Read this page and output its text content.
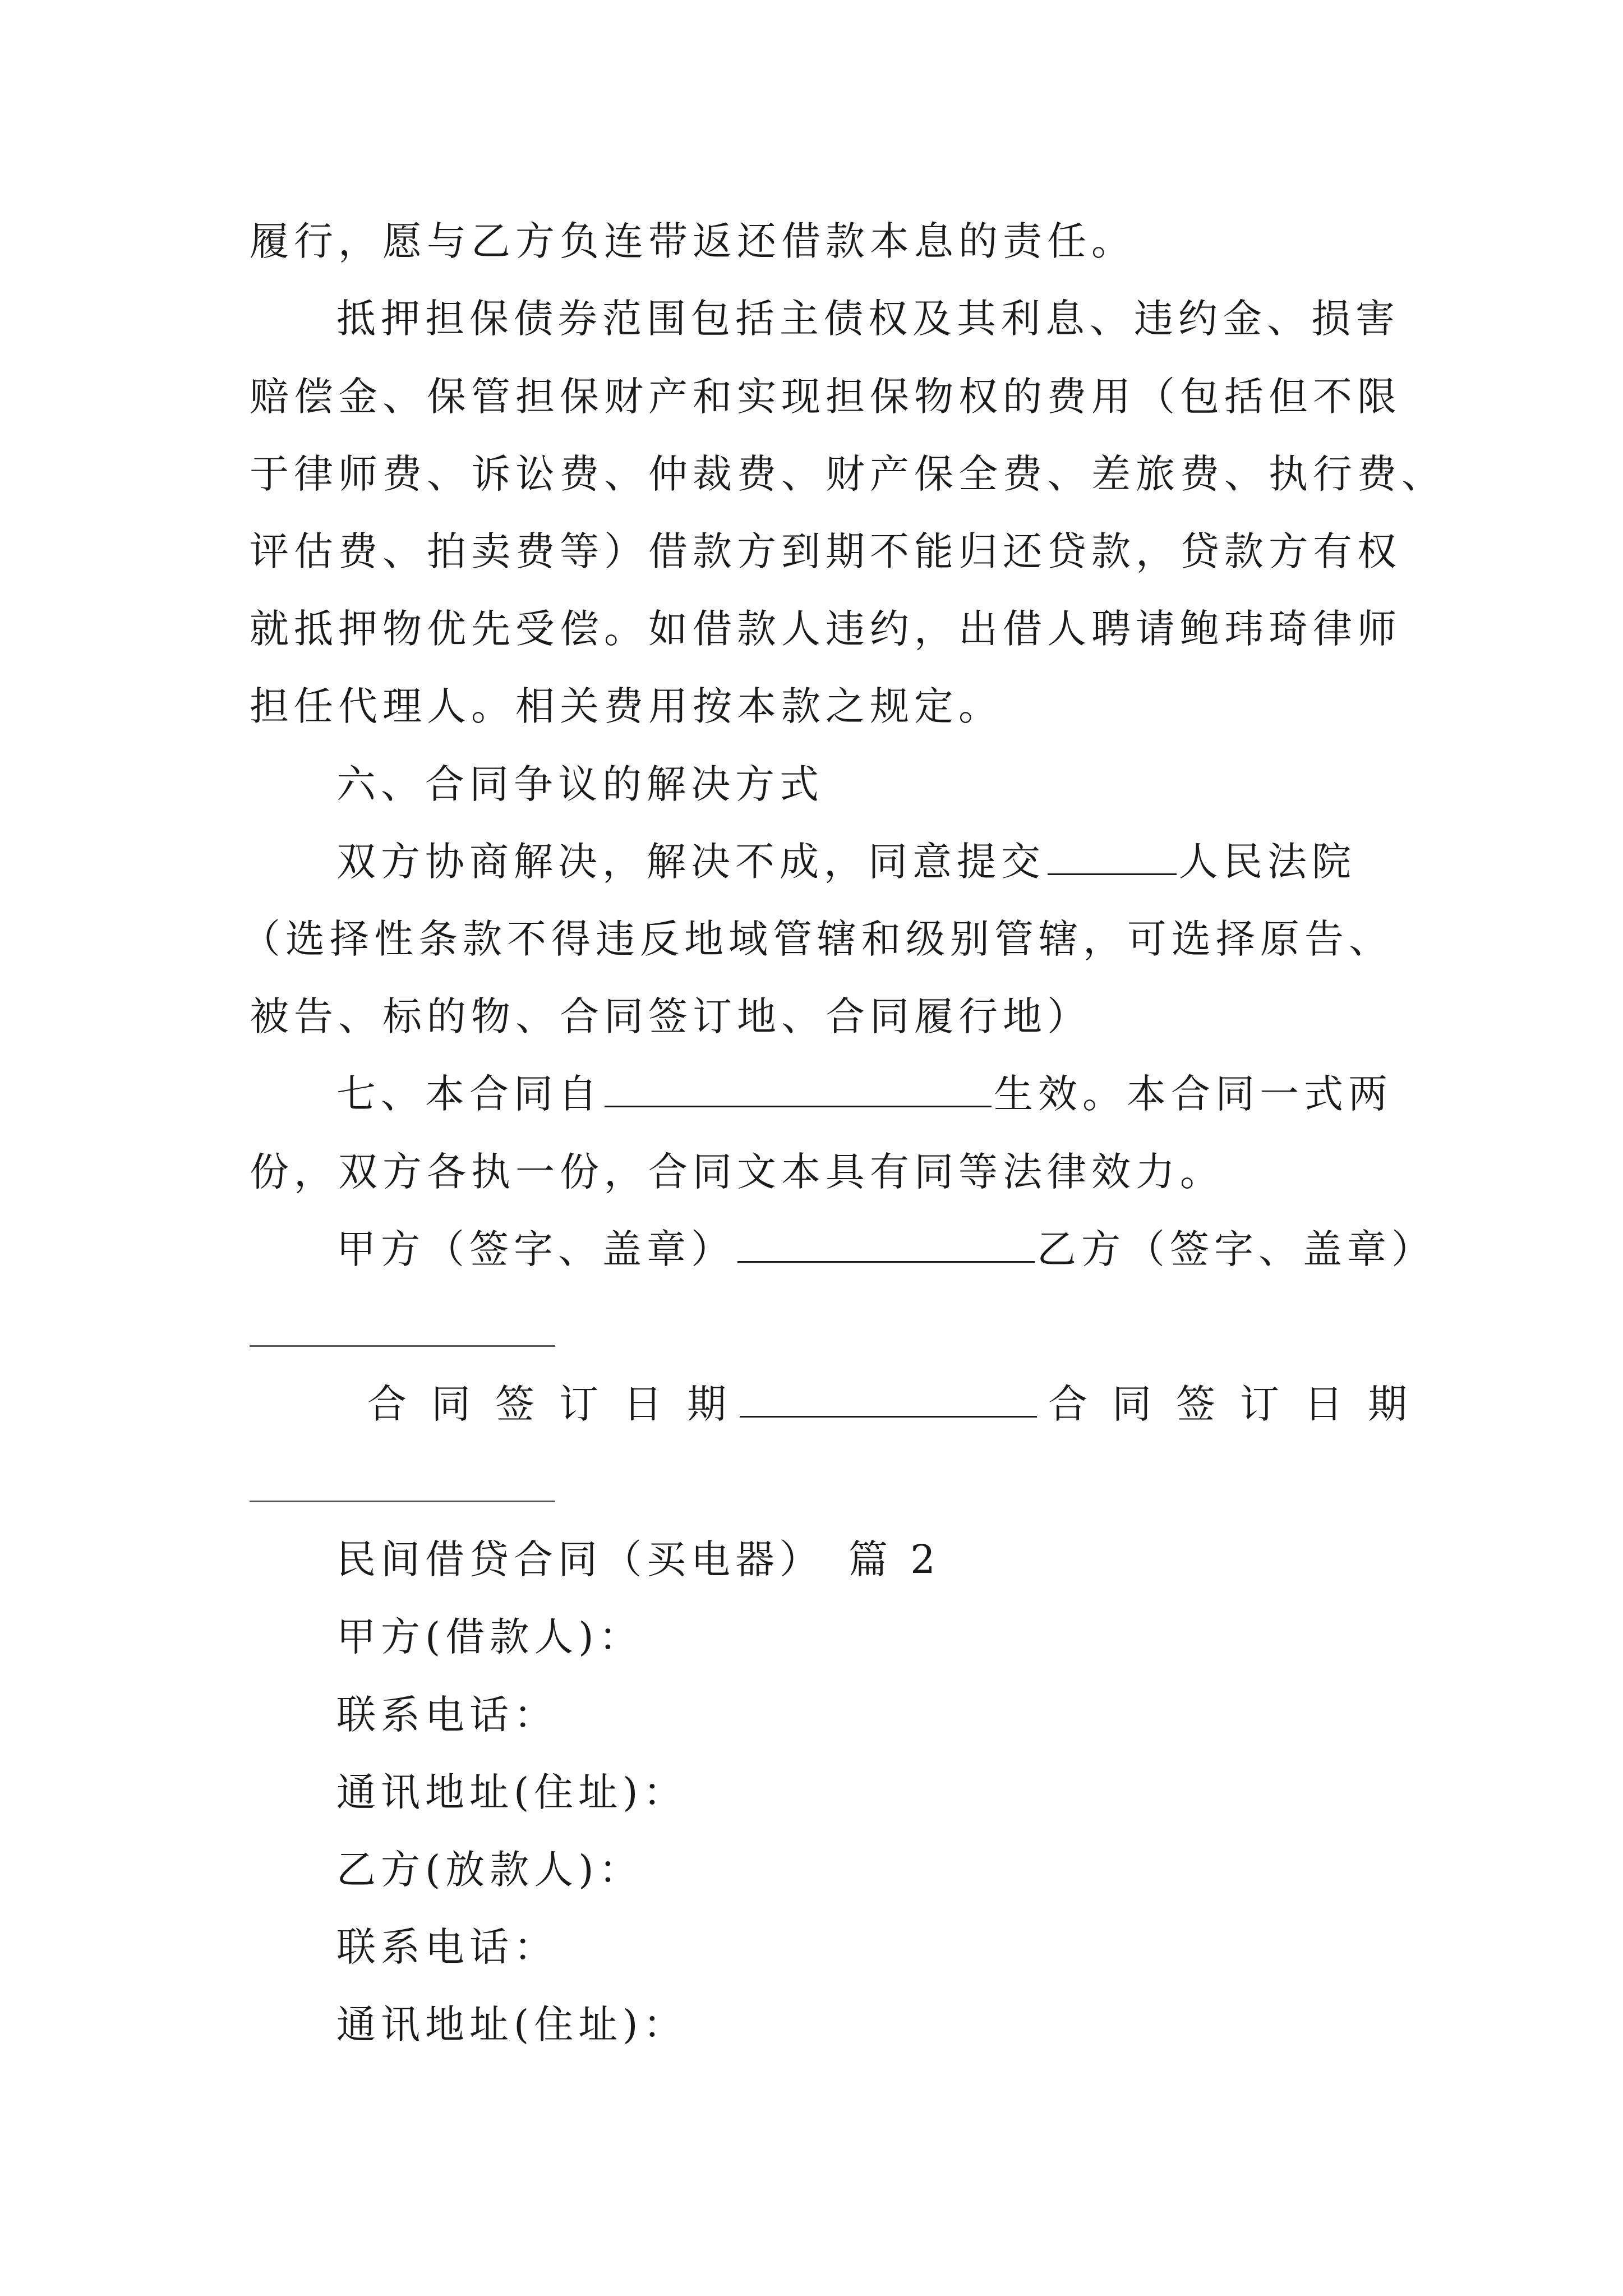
履行，愿与乙方负连带返还借款本息的责任。
抵押担保债券范围包括主债权及其利息、违约金、损害
赔偿金、保管担保财产和实现担保物权的费用（包括但不限
于律师费、诉讼费、仲裁费、财产保全费、差旅费、执行费、
评估费、拍卖费等）借款方到期不能归还贷款，贷款方有权
就抵押物优先受偿。如借款人违约，出借人聘请鲍玮琦律师
担任代理人。相关费用按本款之规定。
六、合同争议的解决方式
双方协商解决，解决不成，同意提交	人民法院
（选择性条款不得违反地域管辖和级别管辖，可选择原告、
被告、标的物、合同签订地、合同履行地）
七、本合同自	生效。本合同一式两
份，双方各执一份，合同文本具有同等法律效力。
甲方（签字、盖章）	乙方（签字、盖章）
合同签订日期	合同签订日期
民间借贷合同（买电器）　篇 2
甲方(借款人)：
联系电话：
通讯地址(住址)：
乙方(放款人)：
联系电话：
通讯地址(住址)：
